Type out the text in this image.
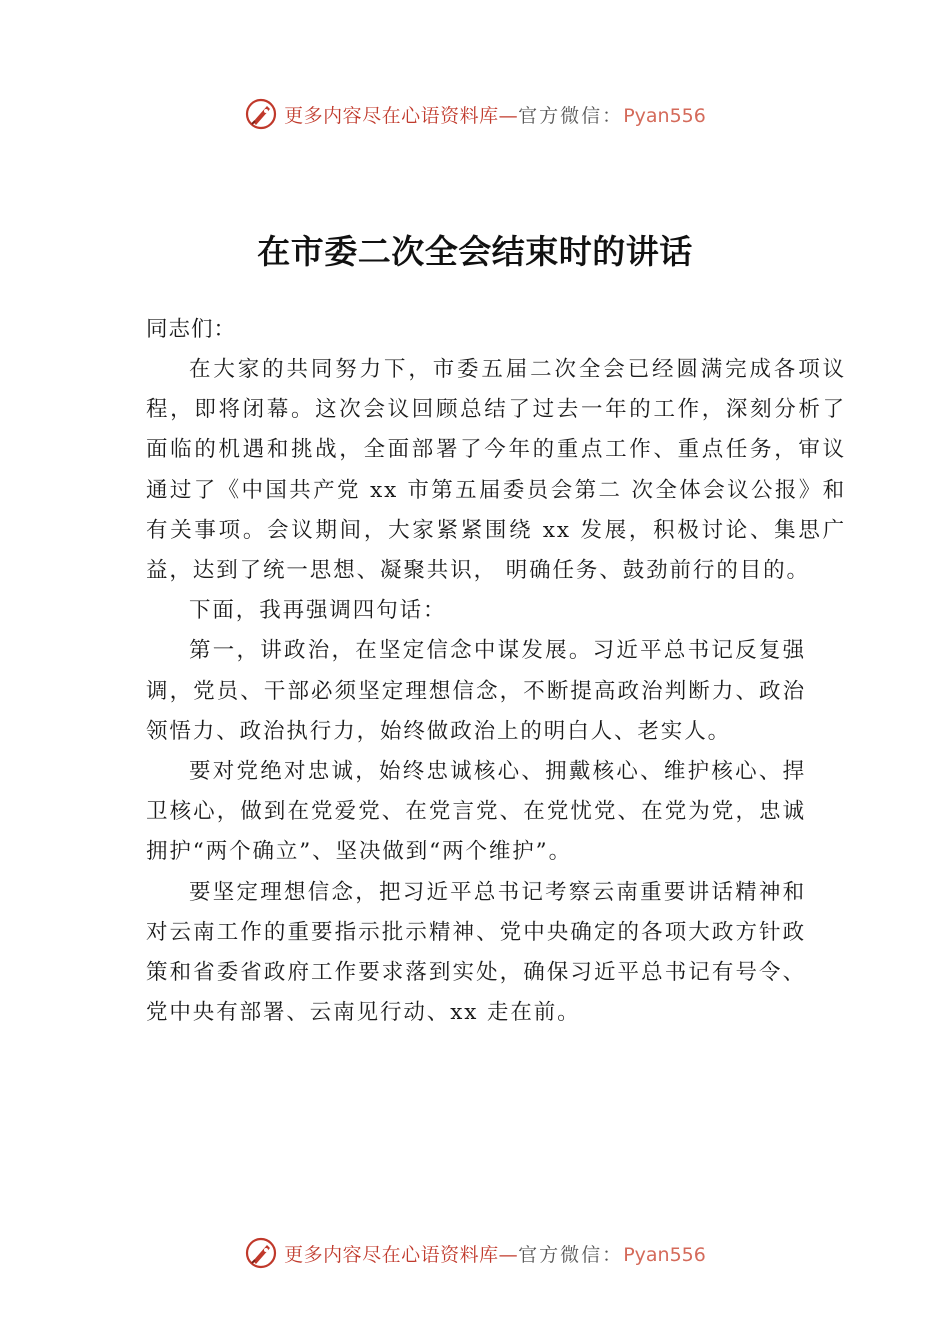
更多内容尽在心语资料库—官方微信：Pyan556
在市委二次全会结束时的讲话

同志们：

在大家的共同努力下，市委五届二次全会已经圆满完成各项议程，即将闭幕。这次会议回顾总结了过去一年的工作，深刻分析了面临的机遇和挑战，全面部署了今年的重点工作、重点任务，审议通过了《中国共产党 xx 市第五届委员会第二 次全体会议公报》和有关事项。会议期间，大家紧紧围绕 xx 发展，积极讨论、集思广益，达到了统一思想、凝聚共识， 明确任务、鼓劲前行的目的。

下面，我再强调四句话：

第一，讲政治，在坚定信念中谋发展。习近平总书记反复强调，党员、干部必须坚定理想信念，不断提高政治判断力、政治领悟力、政治执行力，始终做政治上的明白人、老实人。

要对党绝对忠诚，始终忠诚核心、拥戴核心、维护核心、捍卫核心，做到在党爱党、在党言党、在党忧党、在党为党，忠诚拥护“两个确立”、坚决做到“两个维护”。

要坚定理想信念，把习近平总书记考察云南重要讲话精神和对云南工作的重要指示批示精神、党中央确定的各项大政方针政策和省委省政府工作要求落到实处，确保习近平总书记有号令、党中央有部署、云南见行动、xx 走在前。

更多内容尽在心语资料库—官方微信：Pyan556
